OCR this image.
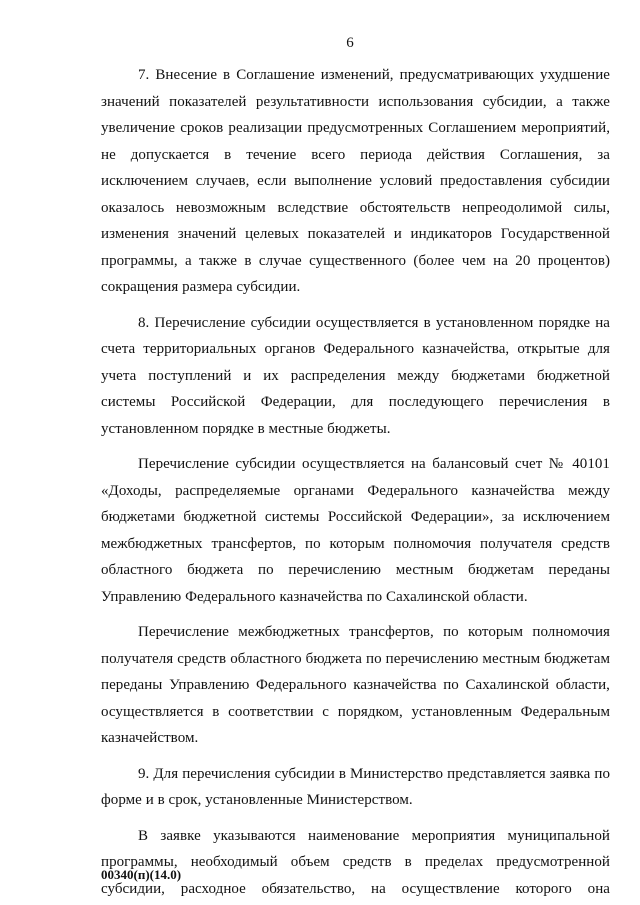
6
7. Внесение в Соглашение изменений, предусматривающих ухудшение
значений показателей результативности использования субсидии, а также
увеличение сроков реализации предусмотренных Соглашением мероприятий,
не допускается в течение всего периода действия Соглашения, за
исключением случаев, если выполнение условий предоставления субсидии
оказалось невозможным вследствие обстоятельств непреодолимой силы,
изменения значений целевых показателей и индикаторов Государственной
программы, а также в случае существенного (более чем на 20 процентов)
сокращения размера субсидии.
8. Перечисление субсидии осуществляется в установленном порядке на
счета территориальных органов Федерального казначейства, открытые для
учета поступлений и их распределения между бюджетами бюджетной
системы Российской Федерации, для последующего перечисления в
установленном порядке в местные бюджеты.
Перечисление субсидии осуществляется на балансовый счет № 40101
«Доходы, распределяемые органами Федерального казначейства между
бюджетами бюджетной системы Российской Федерации», за исключением
межбюджетных трансфертов, по которым полномочия получателя средств
областного бюджета по перечислению местным бюджетам переданы
Управлению Федерального казначейства по Сахалинской области.
Перечисление межбюджетных трансфертов, по которым полномочия
получателя средств областного бюджета по перечислению местным бюджетам
переданы Управлению Федерального казначейства по Сахалинской области,
осуществляется в соответствии с порядком, установленным Федеральным
казначейством.
9. Для перечисления субсидии в Министерство представляется заявка по
форме и в срок, установленные Министерством.
В заявке указываются наименование мероприятия муниципальной
программы, необходимый объем средств в пределах предусмотренной
субсидии, расходное обязательство, на осуществление которого она
00340(п)(14.0)
